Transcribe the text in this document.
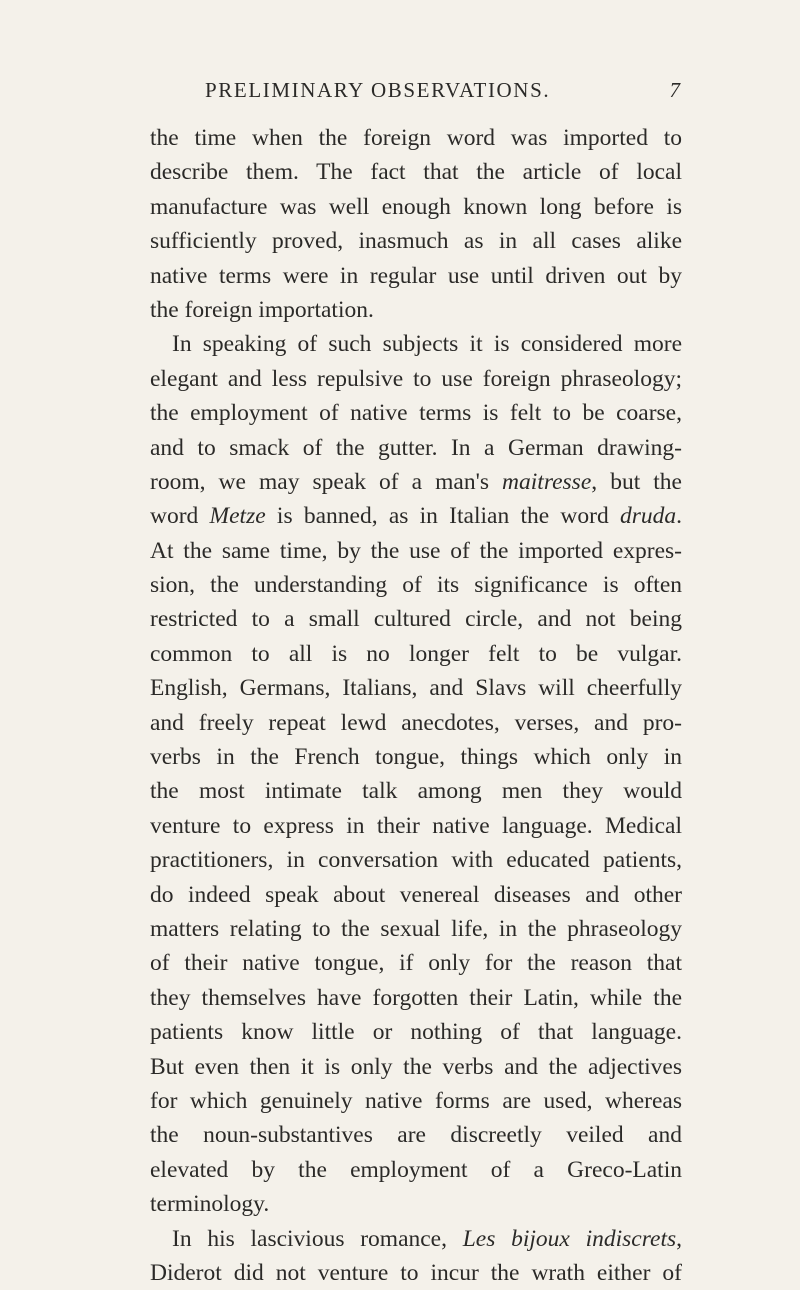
PRELIMINARY OBSERVATIONS.	7
the time when the foreign word was imported to
describe them. The fact that the article of local
manufacture was well enough known long before is
sufficiently proved, inasmuch as in all cases alike
native terms were in regular use until driven out by
the foreign importation.
In speaking of such subjects it is considered more
elegant and less repulsive to use foreign phraseology;
the employment of native terms is felt to be coarse,
and to smack of the gutter. In a German drawing-
room, we may speak of a man's maitresse, but the
word Metze is banned, as in Italian the word druda.
At the same time, by the use of the imported expres-
sion, the understanding of its significance is often
restricted to a small cultured circle, and not being
common to all is no longer felt to be vulgar.
English, Germans, Italians, and Slavs will cheerfully
and freely repeat lewd anecdotes, verses, and pro-
verbs in the French tongue, things which only in
the most intimate talk among men they would
venture to express in their native language. Medical
practitioners, in conversation with educated patients,
do indeed speak about venereal diseases and other
matters relating to the sexual life, in the phraseology
of their native tongue, if only for the reason that
they themselves have forgotten their Latin, while the
patients know little or nothing of that language.
But even then it is only the verbs and the adjectives
for which genuinely native forms are used, whereas
the noun-substantives are discreetly veiled and
elevated by the employment of a Greco-Latin
terminology.
In his lascivious romance, Les bijoux indiscrets,
Diderot did not venture to incur the wrath either of
